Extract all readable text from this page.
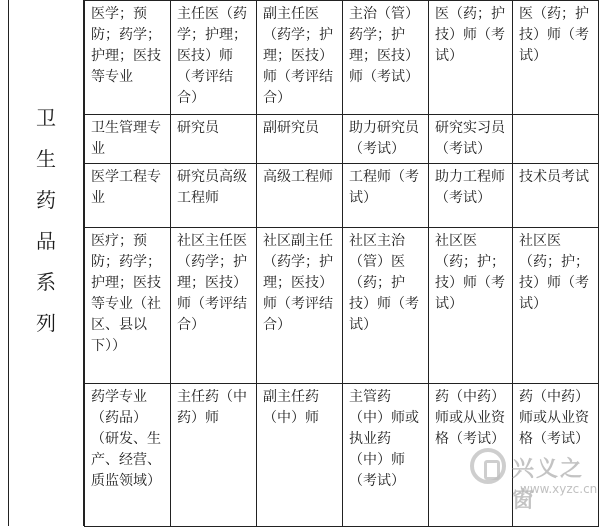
卫
生
药
品
系
列
医学；预防；药学；护理；医技等专业	主任医（药学；护理；医技）师（考评结合）	副主任医（药学；护理；医技）师（考评结合）	主治（管）药学；护理；医技）师（考试）	医（药；护技）师（考试）	医（药；护技）师（考试）
卫生管理专业	研究员	副研究员	助力研究员（考试）	研究实习员（考试）	
医学工程专业	研究员高级工程师	高级工程师	工程师（考试）	助力工程师（考试）	技术员考试
医疗；预防；药学；护理；医技等专业（社区、县以下））	社区主任医（药学；护理；医技）师（考评结合）	社区副主任（药学；护理；医技）师（考评结合）	社区主治（管）医（药；护技）师（考试）	社区医（药；护；技）师（考试）	社区医（药；护；技）师（考试）
药学专业（药品）（研发、生产、经营、质监领域）	主任药（中药）师	副主任药（中）师	主管药（中）师或执业药（中）师（考试）	药（中药）师或从业资格（考试）	药（中药）师或从业资格（考试）
兴义之窗
www.xyzc.cn
